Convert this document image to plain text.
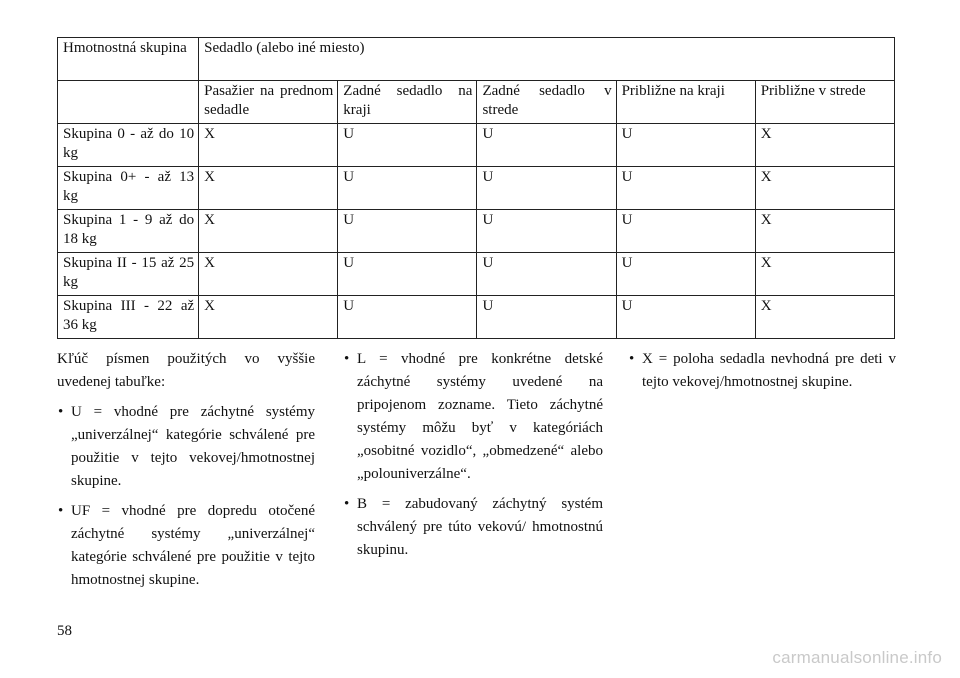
Hmotnostná skupina	Sedadlo (alebo iné miesto)				
	Pasažier na prednom sedadle	Zadné sedadlo na kraji	Zadné sedadlo v strede	Približne na kraji	Približne v strede
Skupina 0 - až do 10 kg	X	U	U	U	X
Skupina 0+ - až 13 kg	X	U	U	U	X
Skupina 1 - 9 až do 18 kg	X	U	U	U	X
Skupina II - 15 až 25 kg	X	U	U	U	X
Skupina III - 22 až 36 kg	X	U	U	U	X

Kľúč písmen použitých vo vyššie uvedenej tabuľke:

• U = vhodné pre záchytné systémy „univerzálnej“ kategórie schválené pre použitie v tejto vekovej/hmotnostnej skupine.
• UF = vhodné pre dopredu otočené záchytné systémy „univerzálnej“ kategórie schválené pre použitie v tejto hmotnostnej skupine.
• L = vhodné pre konkrétne detské záchytné systémy uvedené na pripojenom zozname. Tieto záchytné systémy môžu byť v kategóriách „osobitné vozidlo“, „obmedzené“ alebo „polouniverzálne“.
• B = zabudovaný záchytný systém schválený pre túto vekovú/ hmotnostnú skupinu.
• X = poloha sedadla nevhodná pre deti v tejto vekovej/hmotnostnej skupine.
58
carmanualsonline.info
